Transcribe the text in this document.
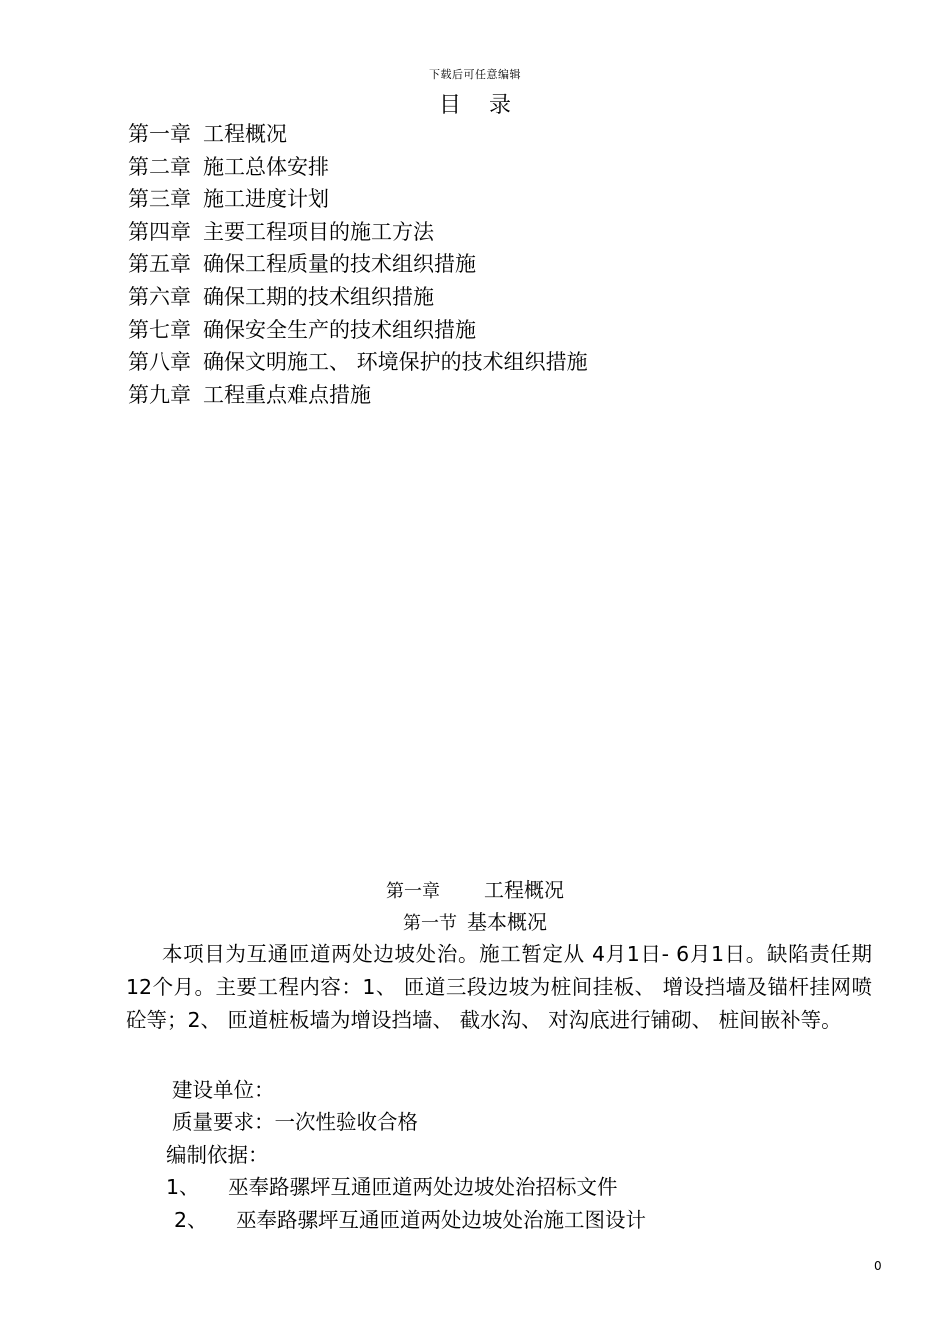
下载后可任意编辑
目录
第一章 工程概况
第二章 施工总体安排
第三章 施工进度计划
第四章 主要工程项目的施工方法
第五章 确保工程质量的技术组织措施
第六章 确保工期的技术组织措施
第七章 确保安全生产的技术组织措施
第八章 确保文明施工、 环境保护的技术组织措施
第九章 工程重点难点措施
第一章 工程概况
第一节 基本概况
本项目为互通匝道两处边坡处治。施工暂定从 4月1日- 6月1日。缺陷责任期 12个月。主要工程内容：1、 匝道三段边坡为桩间挂板、 增设挡墙及锚杆挂网喷砼等；2、 匝道桩板墙为增设挡墙、 截水沟、 对沟底进行铺砌、 桩间嵌补等。
建设单位：
质量要求：一次性验收合格
编制依据：
1、 巫奉路骡坪互通匝道两处边坡处治招标文件
2、 巫奉路骡坪互通匝道两处边坡处治施工图设计
0
